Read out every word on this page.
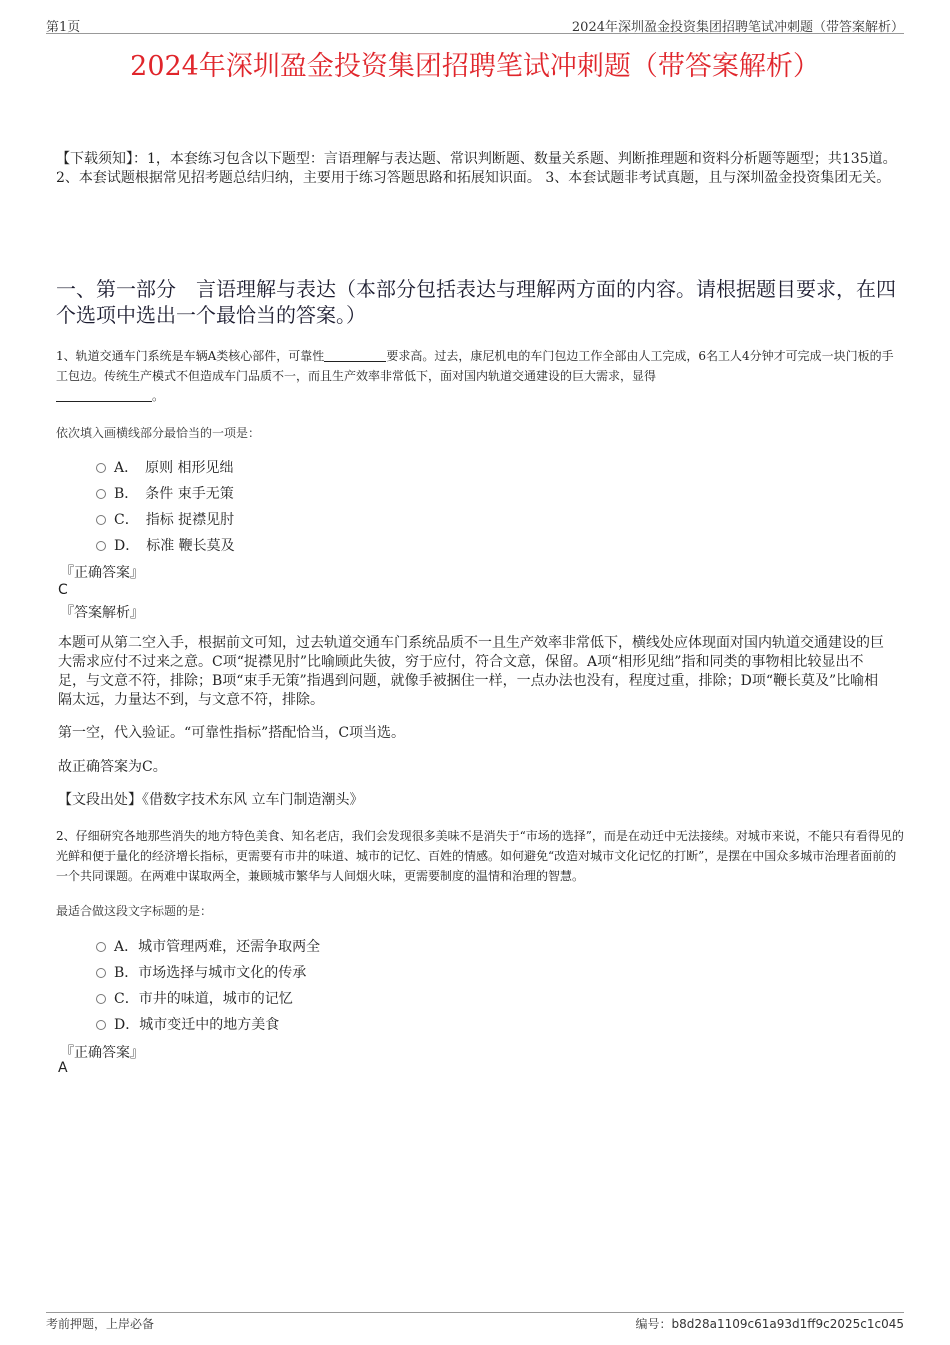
第1页	2024年深圳盈金投资集团招聘笔试冲刺题（带答案解析）
2024年深圳盈金投资集团招聘笔试冲刺题（带答案解析）
【下载须知】：1，本套练习包含以下题型：言语理解与表达题、常识判断题、数量关系题、判断推理题和资料分析题等题型；共135道。 2、本套试题根据常见招考题总结归纳，主要用于练习答题思路和拓展知识面。 3、本套试题非考试真题，且与深圳盈金投资集团无关。
一、第一部分　言语理解与表达（本部分包括表达与理解两方面的内容。请根据题目要求，在四个选项中选出一个最恰当的答案。）
1、轨道交通车门系统是车辆A类核心部件，可靠性	要求高。过去，康尼机电的车门包边工作全部由人工完成，6名工人4分钟才可完成一块门板的手工包边。传统生产模式不但造成车门品质不一，而且生产效率非常低下，面对国内轨道交通建设的巨大需求，显得
。
依次填入画横线部分最恰当的一项是：
A．　原则 相形见绌
B．　条件 束手无策
C．　指标 捉襟见肘
D．　标准 鞭长莫及
『正确答案』
C
『答案解析』
本题可从第二空入手，根据前文可知，过去轨道交通车门系统品质不一且生产效率非常低下，横线处应体现面对国内轨道交通建设的巨大需求应付不过来之意。C项“捉襟见肘”比喻顾此失彼，穷于应付，符合文意，保留。A项“相形见绌”指和同类的事物相比较显出不足，与文意不符，排除；B项“束手无策”指遇到问题，就像手被捆住一样，一点办法也没有，程度过重，排除；D项“鞭长莫及”比喻相隔太远，力量达不到，与文意不符，排除。
第一空，代入验证。“可靠性指标”搭配恰当，C项当选。
故正确答案为C。
【文段出处】《借数字技术东风 立车门制造潮头》
2、仔细研究各地那些消失的地方特色美食、知名老店，我们会发现很多美味不是消失于“市场的选择”，而是在动迁中无法接续。对城市来说，不能只有看得见的光鲜和便于量化的经济增长指标，更需要有市井的味道、城市的记忆、百姓的情感。如何避免“改造对城市文化记忆的打断”，是摆在中国众多城市治理者面前的一个共同课题。在两难中谋取两全，兼顾城市繁华与人间烟火味，更需要制度的温情和治理的智慧。
最适合做这段文字标题的是：
A．城市管理两难，还需争取两全
B．市场选择与城市文化的传承
C．市井的味道，城市的记忆
D．城市变迁中的地方美食
『正确答案』
A
考前押题，上岸必备	编号：b8d28a1109c61a93d1ff9c2025c1c045
